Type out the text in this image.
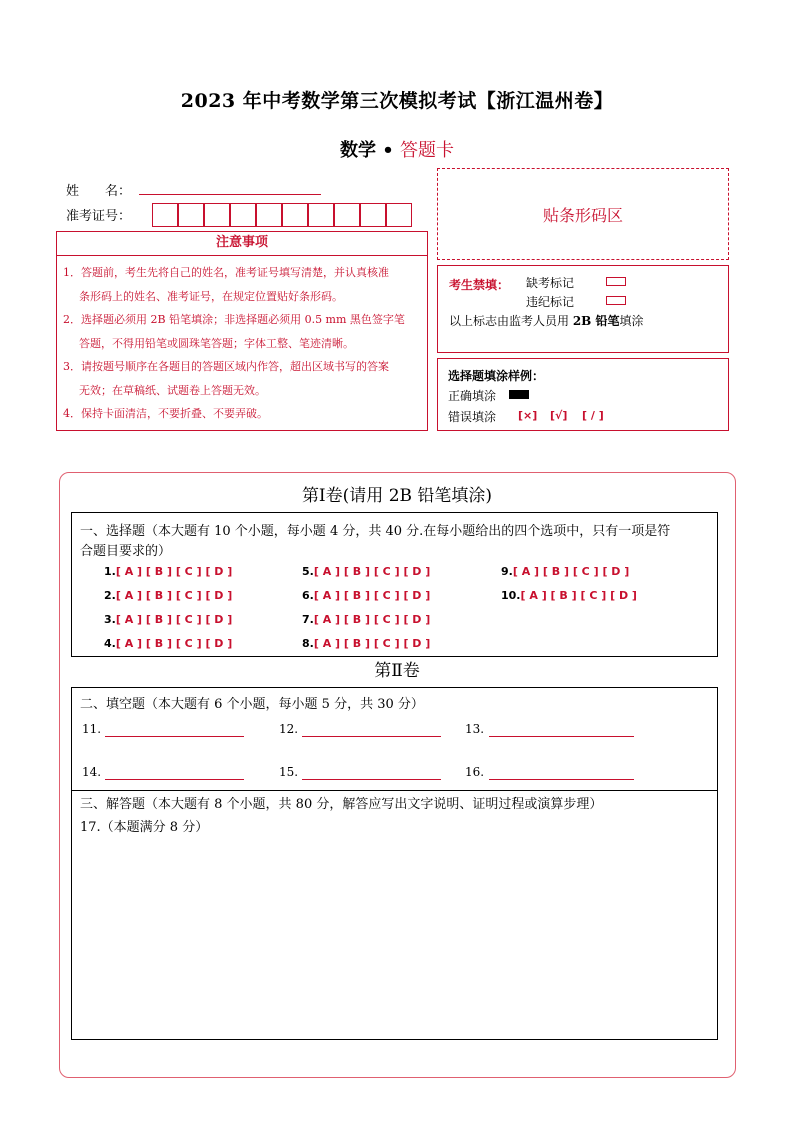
2023 年中考数学第三次模拟考试【浙江温州卷】
数学 • 答题卡
姓　　名：
准考证号：	贴条形码区
注意事项
1．答题前，考生先将自己的姓名，准考证号填写清楚，并认真核准
条形码上的姓名、准考证号，在规定位置贴好条形码。
2．选择题必须用 2B 铅笔填涂；非选择题必须用 0.5 mm 黑色签字笔
答题，不得用铅笔或圆珠笔答题；字体工整、笔迹清晰。
3．请按题号顺序在各题目的答题区域内作答，超出区域书写的答案
无效；在草稿纸、试题卷上答题无效。
4．保持卡面清洁，不要折叠、不要弄破。
考生禁填： 缺考标记
违纪标记
以上标志由监考人员用 2B 铅笔填涂
选择题填涂样例：
正确填涂
错误填涂 [×] [√] [ / ]
第Ⅰ卷(请用 2B 铅笔填涂)
一、选择题（本大题有 10 个小题，每小题 4 分，共 40 分.在每小题给出的四个选项中，只有一项是符
合题目要求的）
1.[ A ] [ B ] [ C ] [ D ]
2.[ A ] [ B ] [ C ] [ D ]
3.[ A ] [ B ] [ C ] [ D ]
4.[ A ] [ B ] [ C ] [ D ]
5.[ A ] [ B ] [ C ] [ D ]
6.[ A ] [ B ] [ C ] [ D ]
7.[ A ] [ B ] [ C ] [ D ]
8.[ A ] [ B ] [ C ] [ D ]
9.[ A ] [ B ] [ C ] [ D ]
10.[ A ] [ B ] [ C ] [ D ]
第Ⅱ卷
二、填空题（本大题有 6 个小题，每小题 5 分，共 30 分）
11.	12.	13.
14.	15.	16.
三、解答题（本大题有 8 个小题，共 80 分，解答应写出文字说明、证明过程或演算步理）
17.（本题满分 8 分）
